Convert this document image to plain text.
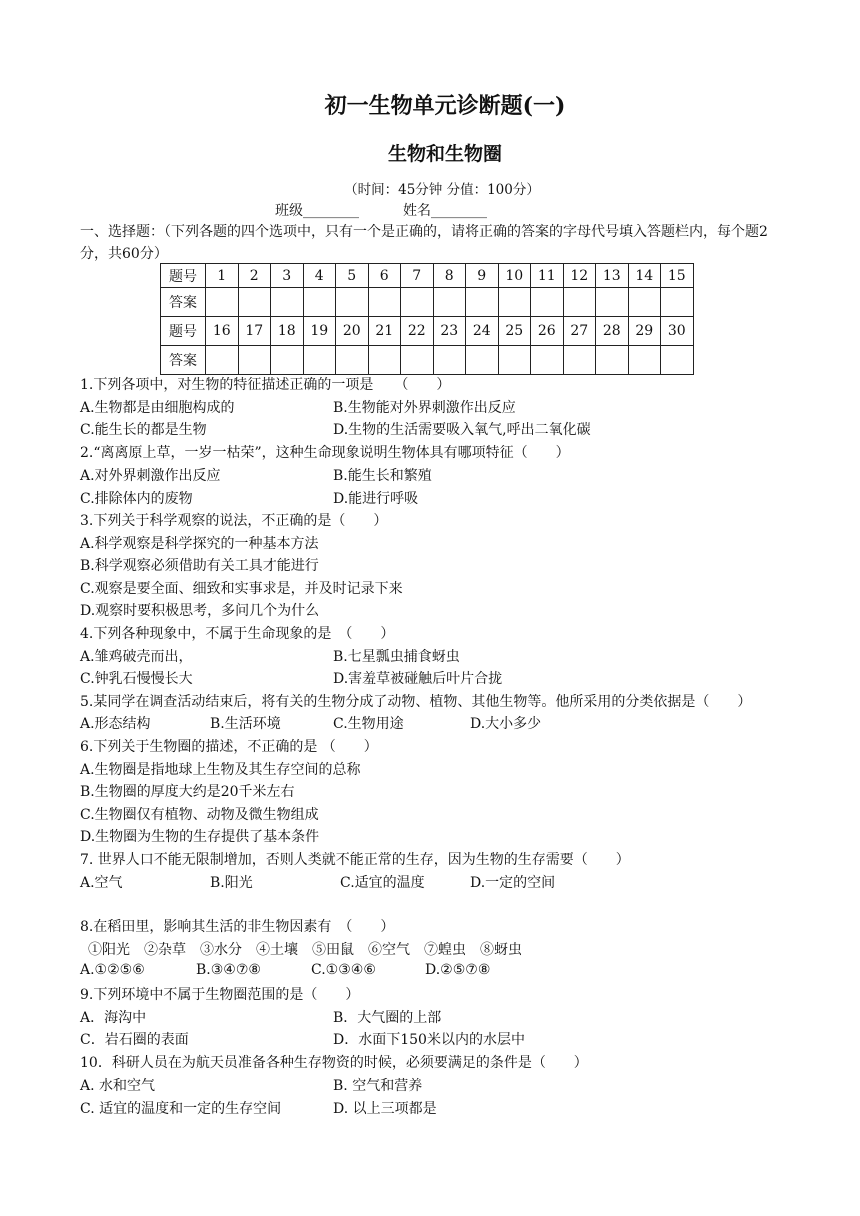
初一生物单元诊断题(一)
生物和生物圈
（时间：45分钟 分值：100分）
班级________	姓名________
一、选择题：（下列各题的四个选项中，只有一个是正确的，请将正确的答案的字母代号填入答题栏内，每个题2分，共60分）
题号	1	2	3	4	5	6	7	8	9	10	11	12	13	14	15
答案															
题号	16	17	18	19	20	21	22	23	24	25	26	27	28	29	30
答案															
1.下列各项中，对生物的特征描述正确的一项是　　（　　）
A.生物都是由细胞构成的	B.生物能对外界刺激作出反应
C.能生长的都是生物	D.生物的生活需要吸入氧气,呼出二氧化碳
2.“离离原上草，一岁一枯荣”，这种生命现象说明生物体具有哪项特征（　　）
A.对外界刺激作出反应	B.能生长和繁殖
C.排除体内的废物	D.能进行呼吸
3.下列关于科学观察的说法，不正确的是（　　）
A.科学观察是科学探究的一种基本方法
B.科学观察必须借助有关工具才能进行
C.观察是要全面、细致和实事求是，并及时记录下来
D.观察时要积极思考，多问几个为什么
4.下列各种现象中，不属于生命现象的是　（　　）
A.雏鸡破壳而出，	B.七星瓢虫捕食蚜虫
C.钟乳石慢慢长大	D.害羞草被碰触后叶片合拢
5.某同学在调查活动结束后，将有关的生物分成了动物、植物、其他生物等。他所采用的分类依据是（　　）
A.形态结构	B.生活环境	C.生物用途	D.大小多少
6.下列关于生物圈的描述，不正确的是 （　　）
A.生物圈是指地球上生物及其生存空间的总称
B.生物圈的厚度大约是20千米左右
C.生物圈仅有植物、动物及微生物组成
D.生物圈为生物的生存提供了基本条件
7. 世界人口不能无限制增加，否则人类就不能正常的生存，因为生物的生存需要（　　）
A.空气	B.阳光	C.适宜的温度	D.一定的空间
8.在稻田里，影响其生活的非生物因素有　（　　）
①阳光　②杂草　③水分　④土壤　⑤田鼠　⑥空气　⑦蝗虫　⑧蚜虫
A.①②⑤⑥	B.③④⑦⑧	C.①③④⑥	D.②⑤⑦⑧
9.下列环境中不属于生物圈范围的是（　　）
A．海沟中	B．大气圈的上部
C．岩石圈的表面	D．水面下150米以内的水层中
10．科研人员在为航天员准备各种生存物资的时候，必须要满足的条件是（　　）
A. 水和空气	B. 空气和营养
C. 适宜的温度和一定的生存空间	D. 以上三项都是
